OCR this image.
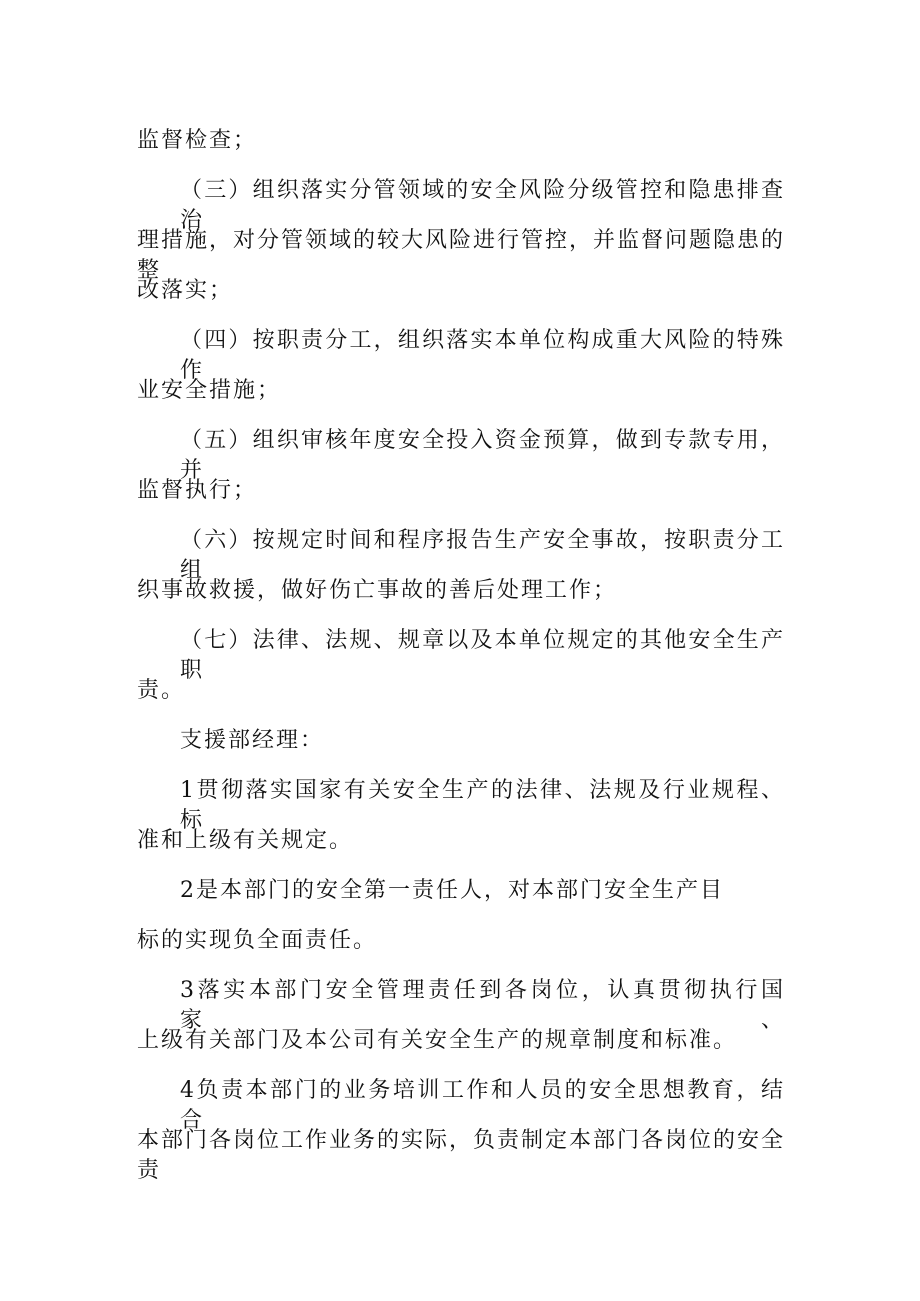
监督检查；
（三）组织落实分管领域的安全风险分级管控和隐患排查治
理措施，对分管领域的较大风险进行管控，并监督问题隐患的整
改落实；
（四）按职责分工，组织落实本单位构成重大风险的特殊作
业安全措施；
（五）组织审核年度安全投入资金预算，做到专款专用，并
监督执行；
（六）按规定时间和程序报告生产安全事故，按职责分工组
织事故救援，做好伤亡事故的善后处理工作；
（七）法律、法规、规章以及本单位规定的其他安全生产职
责。
支援部经理：
1贯彻落实国家有关安全生产的法律、法规及行业规程、标
准和上级有关规定。
2是本部门的安全第一责任人，对本部门安全生产目
标的实现负全面责任。
3落实本部门安全管理责任到各岗位，认真贯彻执行国家、
上级有关部门及本公司有关安全生产的规章制度和标准。
4负责本部门的业务培训工作和人员的安全思想教育，结合
本部门各岗位工作业务的实际，负责制定本部门各岗位的安全责
